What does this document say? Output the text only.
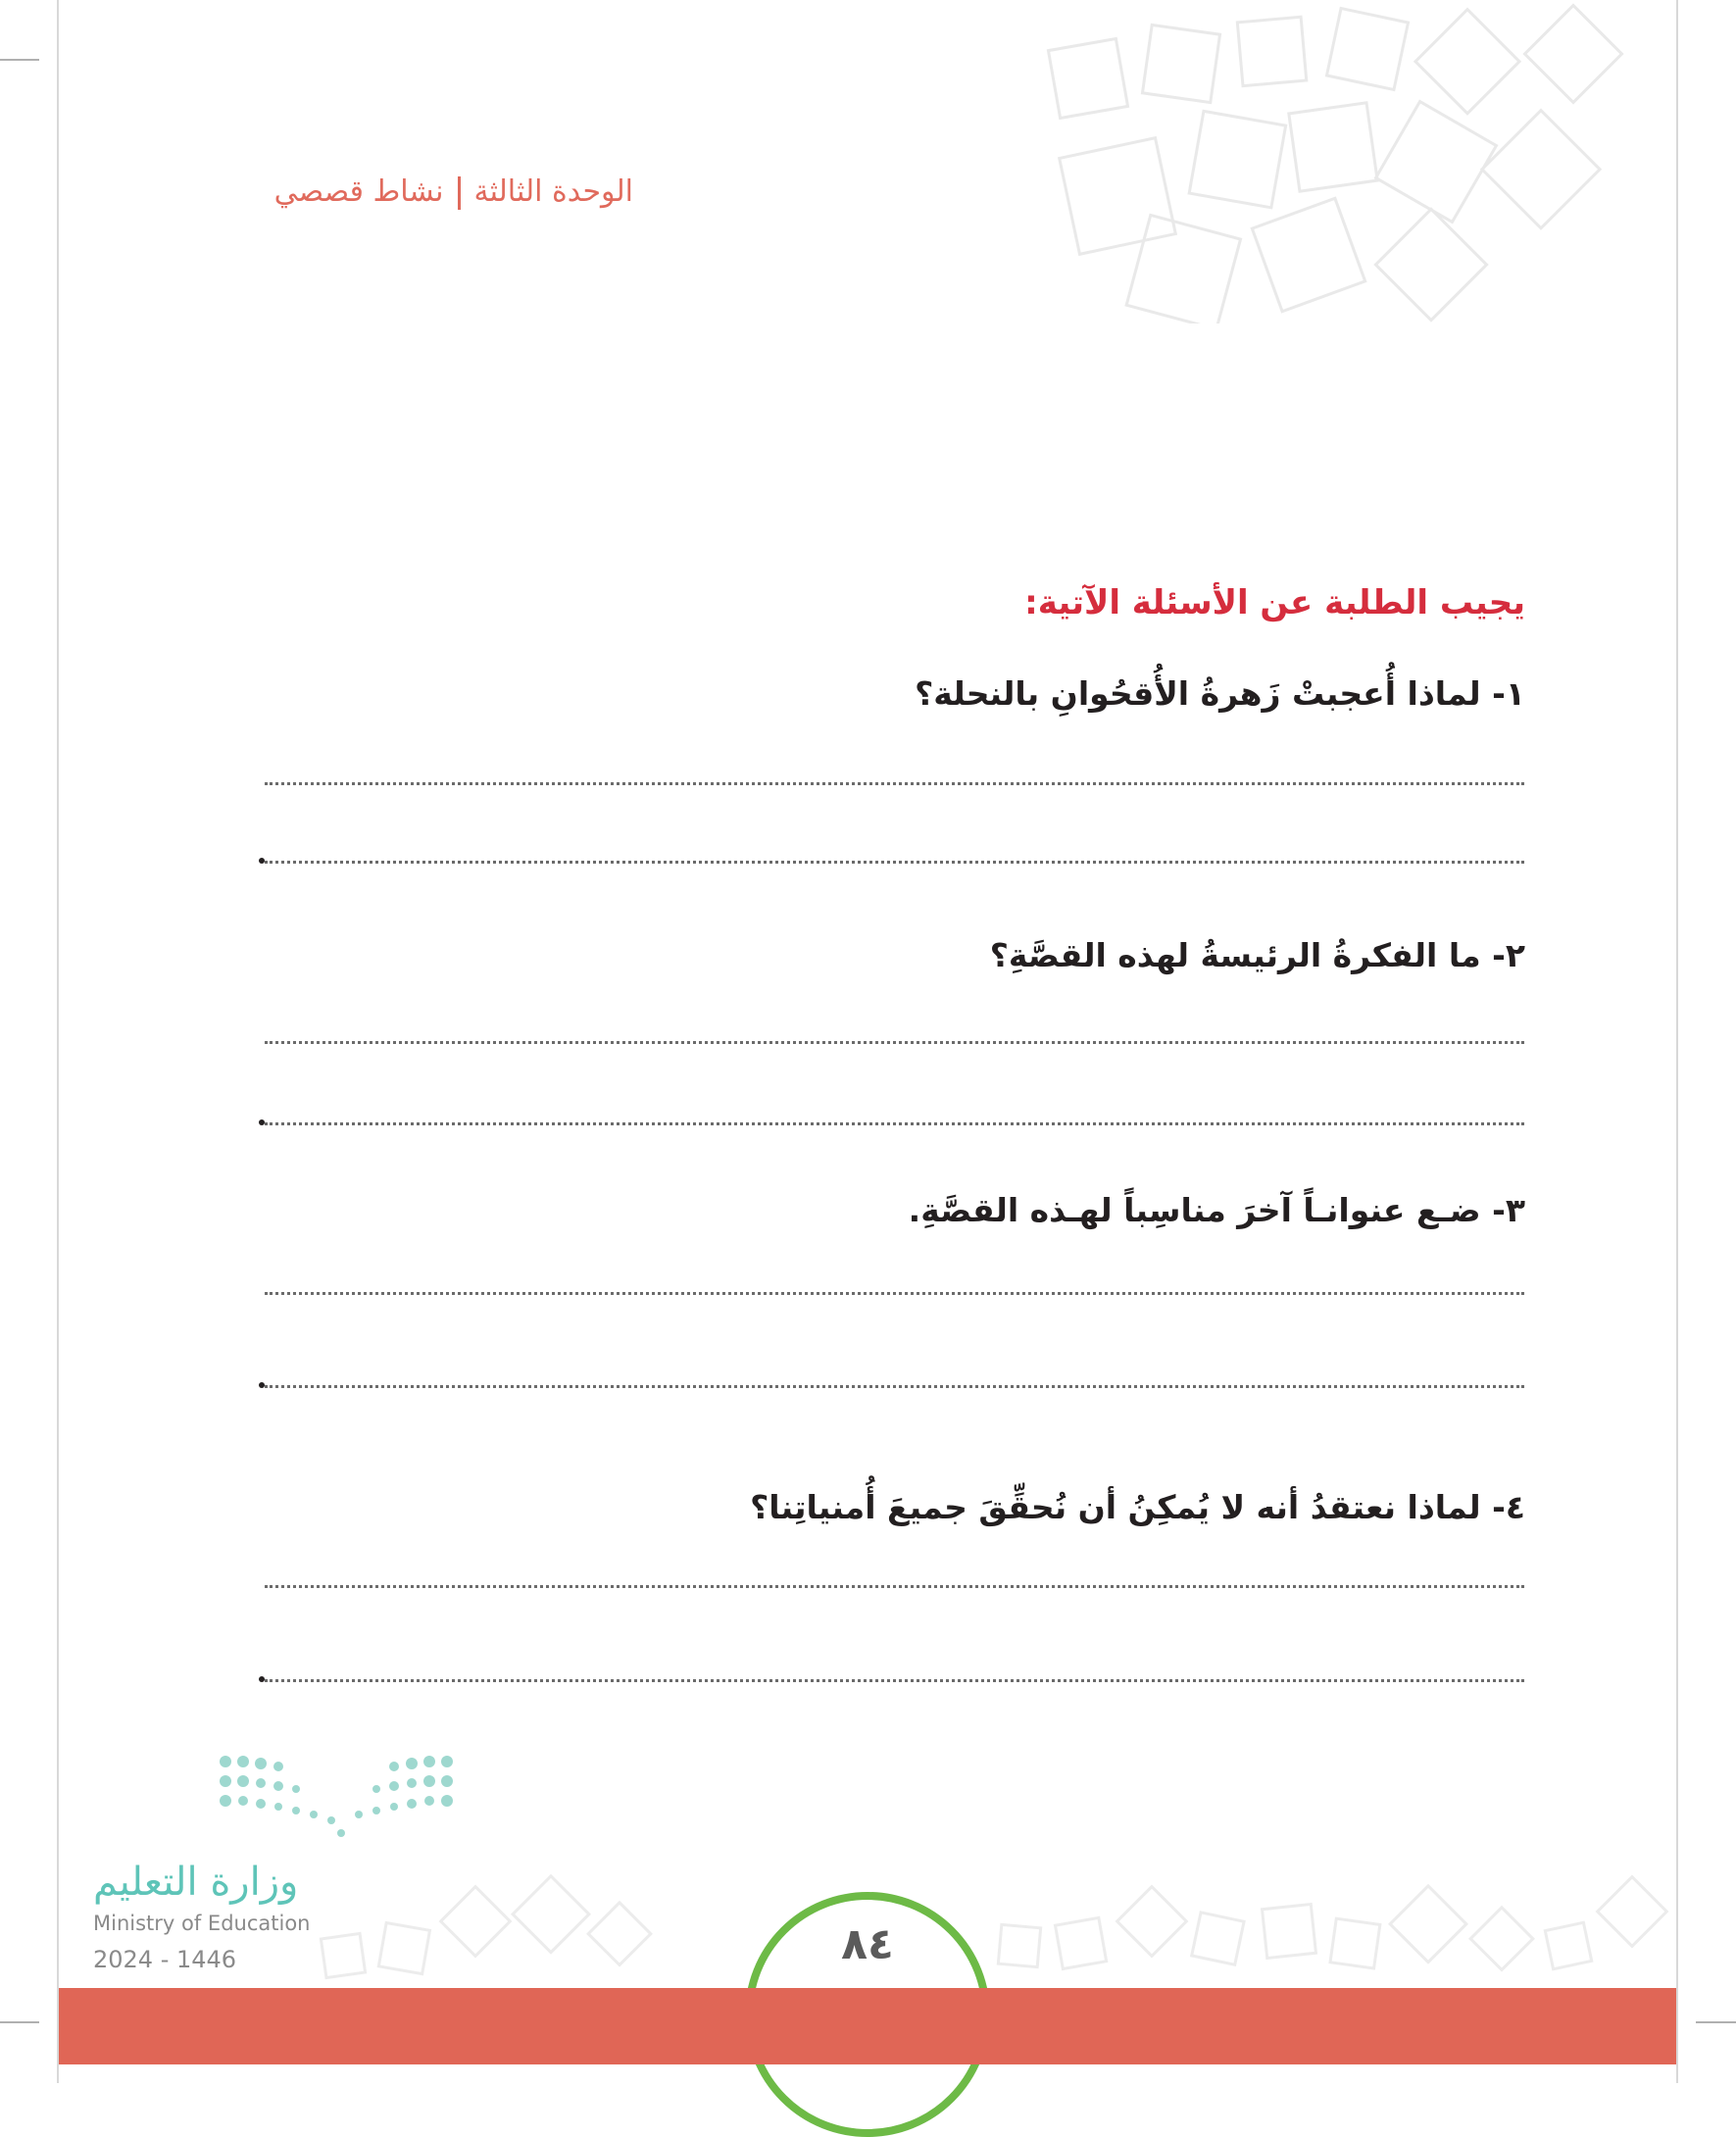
الوحدة الثالثةنشاط قصصي
يجيب الطلبة عن الأسئلة الآتية:
١- لماذا أُعجبتْ زَهرةُ الأُقحُوانِ بالنحلة؟
٢- ما الفكرةُ الرئيسةُ لهذه القصَّةِ؟
٣- ضـع عنوانـاً آخرَ مناسِباً لهـذه القصَّةِ.
٤- لماذا نعتقدُ أنه لا يُمكِنُ أن نُحقِّقَ جميعَ أُمنياتِنا؟
وزارة التعليم
Ministry of Education
2024 - 1446	٨٤
